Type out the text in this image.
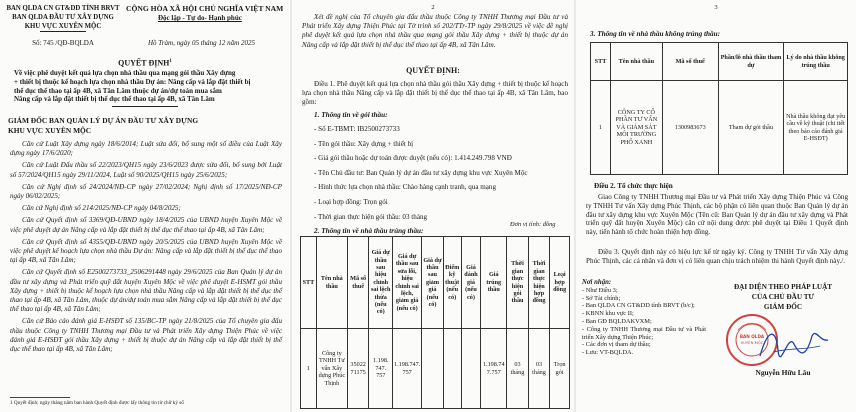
BAN QLDA CN GT&DD TỈNH BRVT
BAN QLDA ĐẦU TƯ XÂY DỰNG
KHU VỰC XUYÊN MỘC
Số: 745 /QĐ-BQLDA
CỘNG HÒA XÃ HỘI CHỦ NGHĨA VIỆT NAM
Độc lập - Tự do- Hạnh phúc
Hồ Tràm, ngày 05 tháng 12 năm 2025
QUYẾT ĐỊNH$^1$
Về việc phê duyệt kết quả lựa chọn nhà thầu qua mạng gói thầu Xây dựng
+ thiết bị thuộc kế hoạch lựa chọn nhà thầu Dự án: Nâng cấp và lắp đặt thiết bị
thể dục thể thao tại ấp 4B, xã Tân Lâm thuộc dự án/dự toán mua sắm
Nâng cấp và lắp đặt thiết bị thể dục thể thao tại ấp 4B, xã Tân Lâm
GIÁM ĐỐC BAN QUẢN LÝ DỰ ÁN ĐẦU TƯ XÂY DỰNG
KHU VỰC XUYÊN MỘC
Căn cứ Luật Xây dựng ngày 18/6/2014; Luật sửa đổi, bổ sung một số điều của Luật Xây dựng ngày 17/6/2020;
Căn cứ Luật Đấu thầu số 22/2023/QH15 ngày 23/6/2023 được sửa đổi, bổ sung bởi Luật số 57/2024/QH15 ngày 29/11/2024, Luật số 90/2025/QH15 ngày 25/6/2025;
Căn cứ Nghị định số 24/2024/NĐ-CP ngày 27/02/2024; Nghị định số 17/2025/NĐ-CP ngày 06/02/2025;
Căn cứ Nghị định số 214/2025/NĐ-CP ngày 04/8/2025;
Căn cứ Quyết định số 3369/QĐ-UBND ngày 18/4/2025 của UBND huyện Xuyên Mộc về việc phê duyệt dự án Nâng cấp và lắp đặt thiết bị thể dục thể thao tại ấp 4B, xã Tân Lâm;
Căn cứ Quyết định số 4355/QĐ-UBND ngày 20/5/2025 của UBND huyện Xuyên Mộc về việc phê duyệt kế hoạch lựa chọn nhà thầu Dự án: Nâng cấp và lắp đặt thiết bị thể dục thể thao tại ấp 4B, xã Tân Lâm;
Căn cứ Quyết định số E2500273733_2506291448 ngày 29/6/2025 của Ban Quản lý dự án đầu tư xây dựng và Phát triển quỹ đất huyện Xuyên Mộc về việc phê duyệt E-HSMT gói thầu Xây dựng + thiết bị thuộc kế hoạch lựa chọn nhà thầu Nâng cấp và lắp đặt thiết bị thể dục thể thao tại ấp 4B, xã Tân Lâm, thuộc dự án/dự toán mua sắm Nâng cấp và lắp đặt thiết bị thể dục thể thao tại ấp 4B, xã Tân Lâm;
Căn cứ Báo cáo đánh giá E-HSĐT số 135/BC-TP ngày 21/8/2025 của Tổ chuyên gia đấu thầu thuộc Công ty TNHH Thương mại Đầu tư và Phát triển Xây dựng Thiện Phúc về việc đánh giá E-HSĐT gói thầu Xây dựng + thiết bị thuộc dự án Nâng cấp và lắp đặt thiết bị thể dục thể thao tại ấp 4B, xã Tân Lâm;
1 Quyết định; ngày tháng năm ban hành Quyết định được lấy thông tin từ chữ ký số
2
Xét đề nghị của Tổ chuyên gia đấu thầu thuộc Công ty TNHH Thương mại Đầu tư và Phát triển Xây dựng Thiện Phúc tại Tờ trình số 202/TTr-TP ngày 29/8/2025 về việc đề nghị phê duyệt kết quả lựa chọn nhà thầu qua mạng gói thầu Xây dựng + thiết bị thuộc dự án Nâng cấp và lắp đặt thiết bị thể dục thể thao tại ấp 4B, xã Tân Lâm.
QUYẾT ĐỊNH:
Điều 1. Phê duyệt kết quả lựa chọn nhà thầu gói thầu Xây dựng + thiết bị thuộc kế hoạch lựa chọn nhà thầu Nâng cấp và lắp đặt thiết bị thể dục thể thao tại ấp 4B, xã Tân Lâm, bao gồm:
1. Thông tin về gói thầu:
- Số E-TBMT: IB2500273733
- Tên gói thầu: Xây dựng + thiết bị
- Giá gói thầu hoặc dự toán được duyệt (nếu có): 1.414.249.798 VNĐ
- Tên Chủ đầu tư: Ban Quản lý dự án đầu tư xây dựng khu vực Xuyên Mộc
- Hình thức lựa chọn nhà thầu: Chào hàng cạnh tranh, qua mạng
- Loại hợp đồng: Trọn gói
- Thời gian thực hiện gói thầu: 03 tháng
2. Thông tin về nhà thầu trúng thầu:
Đơn vị tính: đồng
STT	Tên nhà thầu	Mã số thuế	Giá dự thầu sau hiệu chỉnh sai lệch thừa (nếu có)	Giá dự thầu sau sửa lỗi, hiệu chỉnh sai lệch, giảm giá (nếu có)	Giá dự thầu sau giảm giá (nếu có)	Điểm kỹ thuật (nếu có)	Giá đánh giá (nếu có)	Giá trúng thầu	Thời gian thực hiện gói thầu	Thời gian thực hiện hợp đồng	Loại hợp đồng
1	Công ty TNHH Tư vấn Xây dựng Phúc Thịnh	35022 71175	1.198. 747. 757	1.198.747. 757				1.198.74 7.757	03 tháng	03 tháng	Trọn gói
3
3. Thông tin về nhà thầu không trúng thầu:
STT	Tên nhà thầu	Mã số thuế	Phần/lô nhà thầu tham dự	Lý do nhà thầu không trúng thầu
1	CÔNG TY CỔ PHẦN TƯ VẤN VÀ GIÁM SÁT MÔI TRƯỜNG PHỐ XANH	1300983673	Tham dự gói thầu	Nhà thầu không đạt yêu cầu về kỹ thuật (chi tiết theo báo cáo đánh giá E-HSĐT)
Điều 2. Tổ chức thực hiện
Giao Công ty TNHH Thương mại Đầu tư và Phát triển Xây dựng Thiện Phúc và Công ty TNHH Tư vấn Xây dựng Phúc Thịnh, các bộ phận có liên quan thuộc Ban Quản lý dự án đầu tư xây dựng khu vực Xuyên Mộc (Tên cũ: Ban Quản lý dự án đầu tư xây dựng và Phát triển quỹ đất huyện Xuyên Mộc) căn cứ nội dung được phê duyệt tại Điều 1 Quyết định này, tiến hành tổ chức hoàn thiện hợp đồng.
Điều 3. Quyết định này có hiệu lực kể từ ngày ký. Công ty TNHH Tư vấn Xây dựng Phúc Thịnh, các cá nhân và đơn vị có liên quan chịu trách nhiệm thi hành Quyết định này./.
Nơi nhận:
- Như Điều 3;
- Sở Tài chính;
- Ban QLDA CN GT&DD tỉnh BRVT (b/c);
- KBNN khu vực II;
- Ban GĐ BQLDAKVXM;
- Công ty TNHH Thương mại Đầu tư và Phát triển Xây dựng Thiện Phúc;
- Các đơn vị tham dự thầu;
- Lưu: VT-BQLDA.
ĐẠI DIỆN THEO PHÁP LUẬT
CỦA CHỦ ĐẦU TƯ
GIÁM ĐỐC
BAN QLDA
XUYÊN MỘC
Nguyễn Hữu Lâu
